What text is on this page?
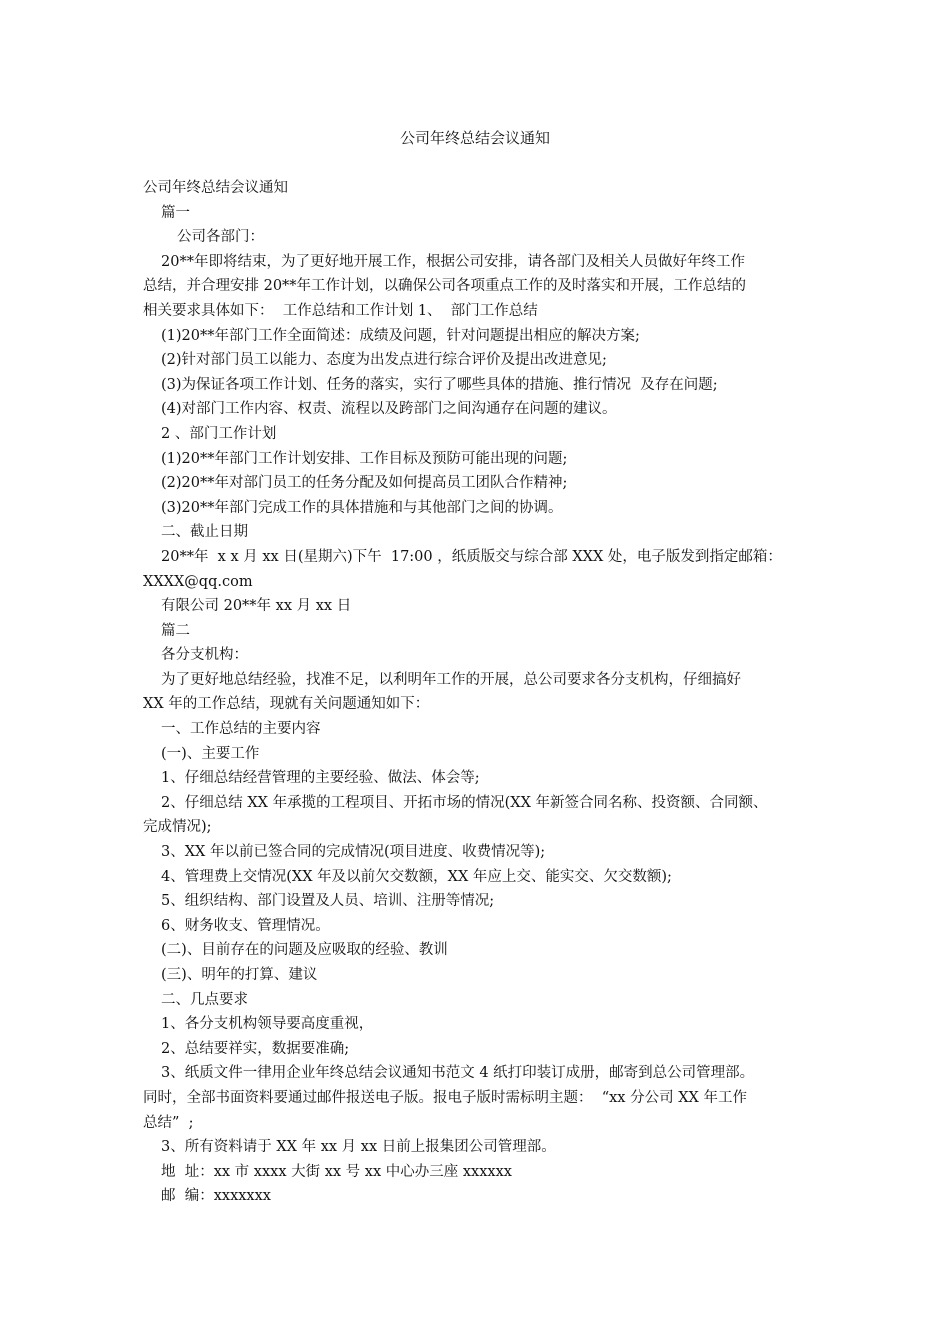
公司年终总结会议通知
公司年终总结会议通知
篇一
公司各部门：
20**年即将结束，为了更好地开展工作，根据公司安排，请各部门及相关人员做好年终工作
总结，并合理安排 20**年工作计划，以确保公司各项重点工作的及时落实和开展，工作总结的
相关要求具体如下：  工作总结和工作计划 1、  部门工作总结
(1)20**年部门工作全面简述：成绩及问题，针对问题提出相应的解决方案;
(2)针对部门员工以能力、态度为出发点进行综合评价及提出改进意见;
(3)为保证各项工作计划、任务的落实，实行了哪些具体的措施、推行情况  及存在问题;
(4)对部门工作内容、权责、流程以及跨部门之间沟通存在问题的建议。
2 、部门工作计划
(1)20**年部门工作计划安排、工作目标及预防可能出现的问题;
(2)20**年对部门员工的任务分配及如何提高员工团队合作精神;
(3)20**年部门完成工作的具体措施和与其他部门之间的协调。
二、截止日期
20**年  x x 月 xx 日(星期六)下午  17:00 ，纸质版交与综合部 XXX 处，电子版发到指定邮箱：
XXXX@qq.com
有限公司 20**年 xx 月 xx 日
篇二
各分支机构：
为了更好地总结经验，找准不足，以利明年工作的开展，总公司要求各分支机构，仔细搞好
XX 年的工作总结，现就有关问题通知如下：
一、工作总结的主要内容
(一)、主要工作
1、仔细总结经营管理的主要经验、做法、体会等;
2、仔细总结 XX 年承揽的工程项目、开拓市场的情况(XX 年新签合同名称、投资额、合同额、
完成情况);
3、XX 年以前已签合同的完成情况(项目进度、收费情况等);
4、管理费上交情况(XX 年及以前欠交数额，XX 年应上交、能实交、欠交数额);
5、组织结构、部门设置及人员、培训、注册等情况;
6、财务收支、管理情况。
(二)、目前存在的问题及应吸取的经验、教训
(三)、明年的打算、建议
二、几点要求
1、各分支机构领导要高度重视，
2、总结要祥实，数据要准确;
3、纸质文件一律用企业年终总结会议通知书范文 4 纸打印装订成册，邮寄到总公司管理部。
同时，全部书面资料要通过邮件报送电子版。报电子版时需标明主题：  “xx 分公司 XX 年工作
总结”  ;
3、所有资料请于 XX 年 xx 月 xx 日前上报集团公司管理部。
地  址：xx 市 xxxx 大街 xx 号 xx 中心办三座 xxxxxx
邮  编：xxxxxxx
